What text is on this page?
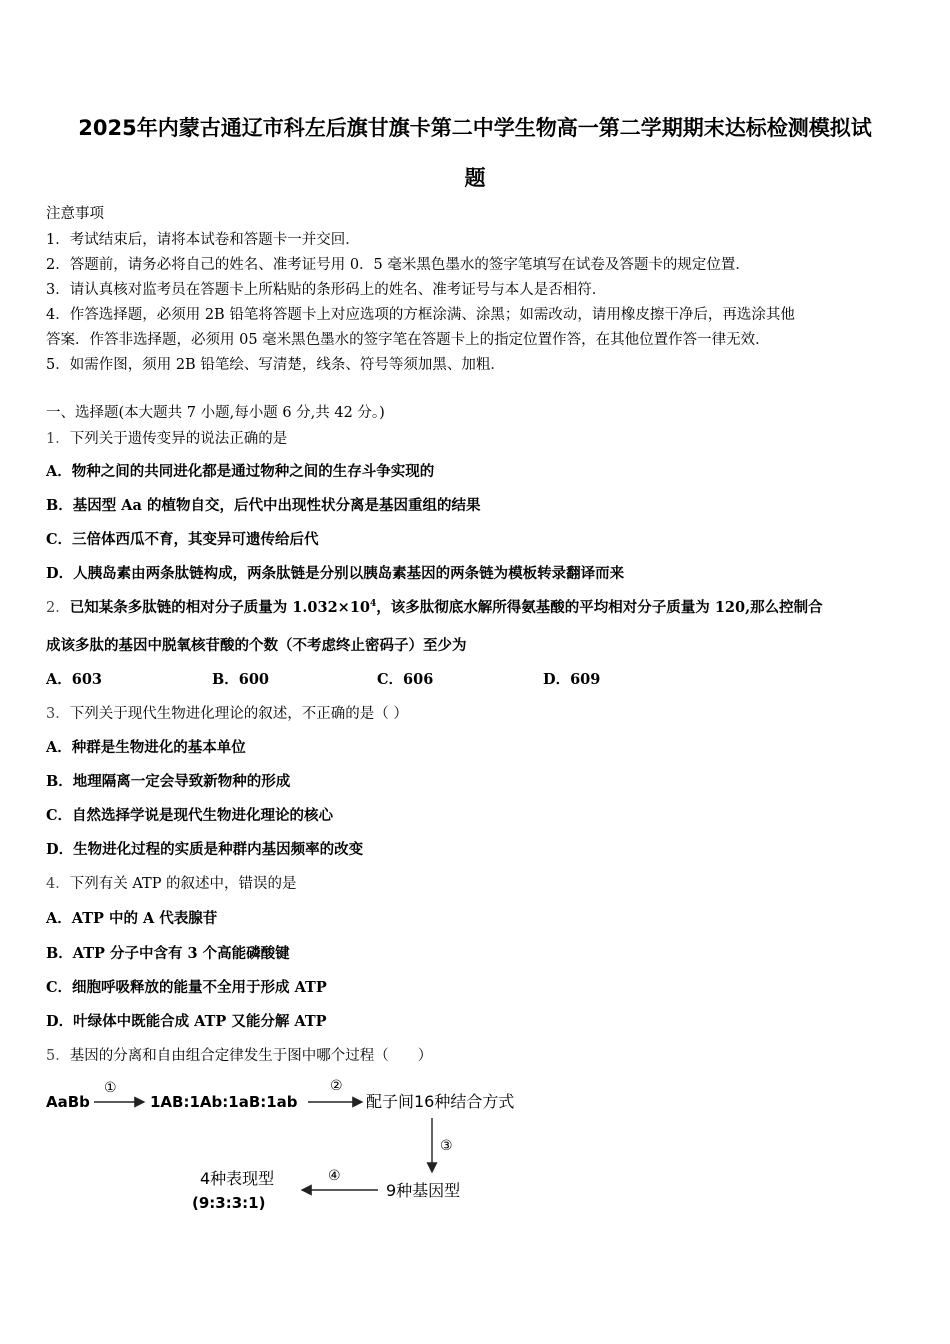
2025年内蒙古通辽市科左后旗甘旗卡第二中学生物高一第二学期期末达标检测模拟试
题
注意事项
1．考试结束后，请将本试卷和答题卡一并交回．
2．答题前，请务必将自己的姓名、准考证号用 0．5 毫米黑色墨水的签字笔填写在试卷及答题卡的规定位置．
3．请认真核对监考员在答题卡上所粘贴的条形码上的姓名、准考证号与本人是否相符．
4．作答选择题，必须用 2B 铅笔将答题卡上对应选项的方框涂满、涂黑；如需改动，请用橡皮擦干净后，再选涂其他
答案．作答非选择题，必须用 05 毫米黑色墨水的签字笔在答题卡上的指定位置作答，在其他位置作答一律无效．
5．如需作图，须用 2B 铅笔绘、写清楚，线条、符号等须加黑、加粗．
一、选择题(本大题共 7 小题,每小题 6 分,共 42 分。)
1．下列关于遗传变异的说法正确的是
A．物种之间的共同进化都是通过物种之间的生存斗争实现的
B．基因型 Aa 的植物自交，后代中出现性状分离是基因重组的结果
C．三倍体西瓜不育，其变异可遗传给后代
D．人胰岛素由两条肽链构成，两条肽链是分别以胰岛素基因的两条链为模板转录翻译而来
2．已知某条多肽链的相对分子质量为 $1.032\times 10^4$，该多肽彻底水解所得氨基酸的平均相对分子质量为 120,那么控制合
成该多肽的基因中脱氧核苷酸的个数（不考虑终止密码子）至少为
A．603	B．600	C．606	D．609
3．下列关于现代生物进化理论的叙述，不正确的是（ ）
A．种群是生物进化的基本单位
B．地理隔离一定会导致新物种的形成
C．自然选择学说是现代生物进化理论的核心
D．生物进化过程的实质是种群内基因频率的改变
4．下列有关 ATP 的叙述中，错误的是
A．ATP 中的 A 代表腺苷
B．ATP 分子中含有 3 个高能磷酸键
C．细胞呼吸释放的能量不全用于形成 ATP
D．叶绿体中既能合成 ATP 又能分解 ATP
5．基因的分离和自由组合定律发生于图中哪个过程（　　）
AaBb
①
1AB:1Ab:1aB:1ab
②
配子间16种结合方式
③
9种基因型
④
4种表现型
(9:3:3:1)
